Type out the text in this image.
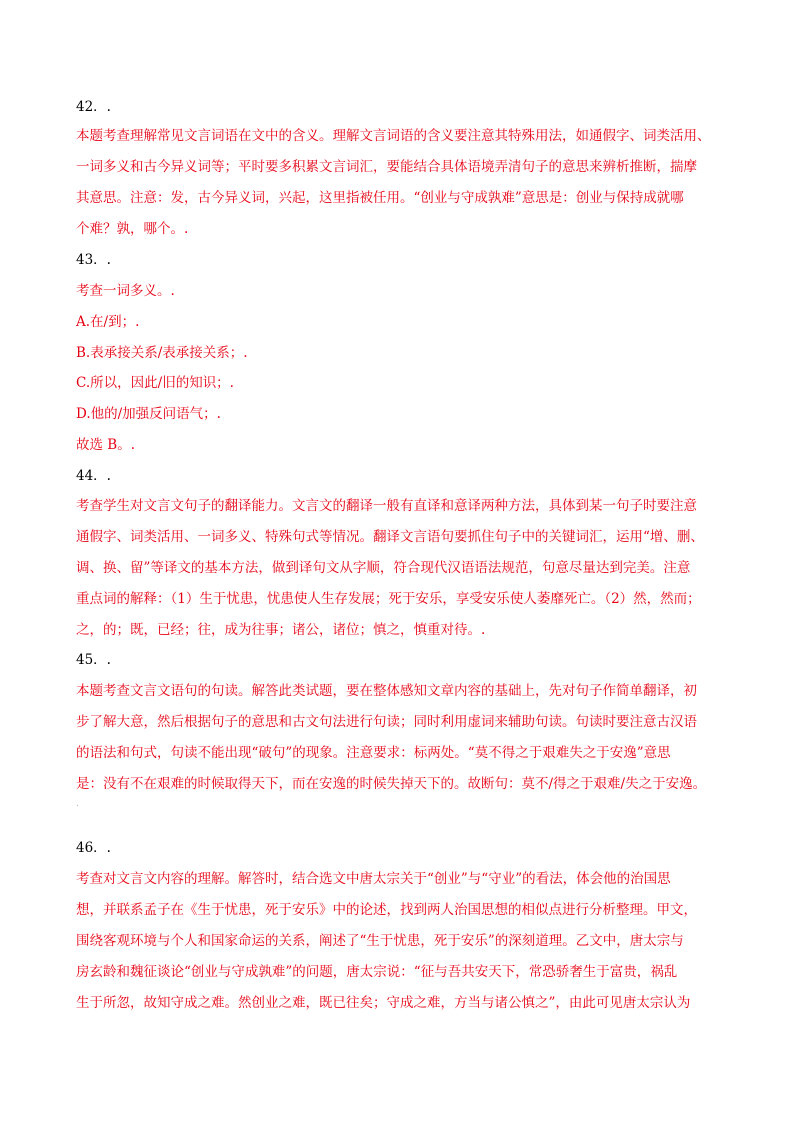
42．.
本题考查理解常见文言词语在文中的含义。理解文言词语的含义要注意其特殊用法，如通假字、词类活用、
一词多义和古今异义词等；平时要多积累文言词汇，要能结合具体语境弄清句子的意思来辨析推断，揣摩
其意思。注意：发，古今异义词，兴起，这里指被任用。“创业与守成孰难”意思是：创业与保持成就哪
个难？孰，哪个。.
43．.
考查一词多义。.
A.在/到；.
B.表承接关系/表承接关系；.
C.所以，因此/旧的知识；.
D.他的/加强反问语气；.
故选 B。.
44．.
考查学生对文言文句子的翻译能力。文言文的翻译一般有直译和意译两种方法，具体到某一句子时要注意
通假字、词类活用、一词多义、特殊句式等情况。翻译文言语句要抓住句子中的关键词汇，运用“增、删、
调、换、留”等译文的基本方法，做到译句文从字顺，符合现代汉语语法规范，句意尽量达到完美。注意
重点词的解释：（1）生于忧患，忧患使人生存发展；死于安乐，享受安乐使人萎靡死亡。（2）然，然而；
之，的；既，已经；往，成为往事；诸公，诸位；慎之，慎重对待。.
45．.
本题考查文言文语句的句读。解答此类试题，要在整体感知文章内容的基础上，先对句子作简单翻译，初
步了解大意，然后根据句子的意思和古文句法进行句读；同时利用虚词来辅助句读。句读时要注意古汉语
的语法和句式，句读不能出现“破句”的现象。注意要求：标两处。“莫不得之于艰难失之于安逸”意思
是：没有不在艰难的时候取得天下，而在安逸的时候失掉天下的。故断句：莫不/得之于艰难/失之于安逸。
.
46．.
考查对文言文内容的理解。解答时，结合选文中唐太宗关于“创业”与“守业”的看法，体会他的治国思
想，并联系孟子在《生于忧患，死于安乐》中的论述，找到两人治国思想的相似点进行分析整理。甲文，
围绕客观环境与个人和国家命运的关系，阐述了“生于忧患，死于安乐”的深刻道理。乙文中，唐太宗与
房玄龄和魏征谈论“创业与守成孰难”的问题，唐太宗说：“征与吾共安天下，常恐骄奢生于富贵，祸乱
生于所忽，故知守成之难。然创业之难，既已往矣；守成之难，方当与诸公慎之”，由此可见唐太宗认为
